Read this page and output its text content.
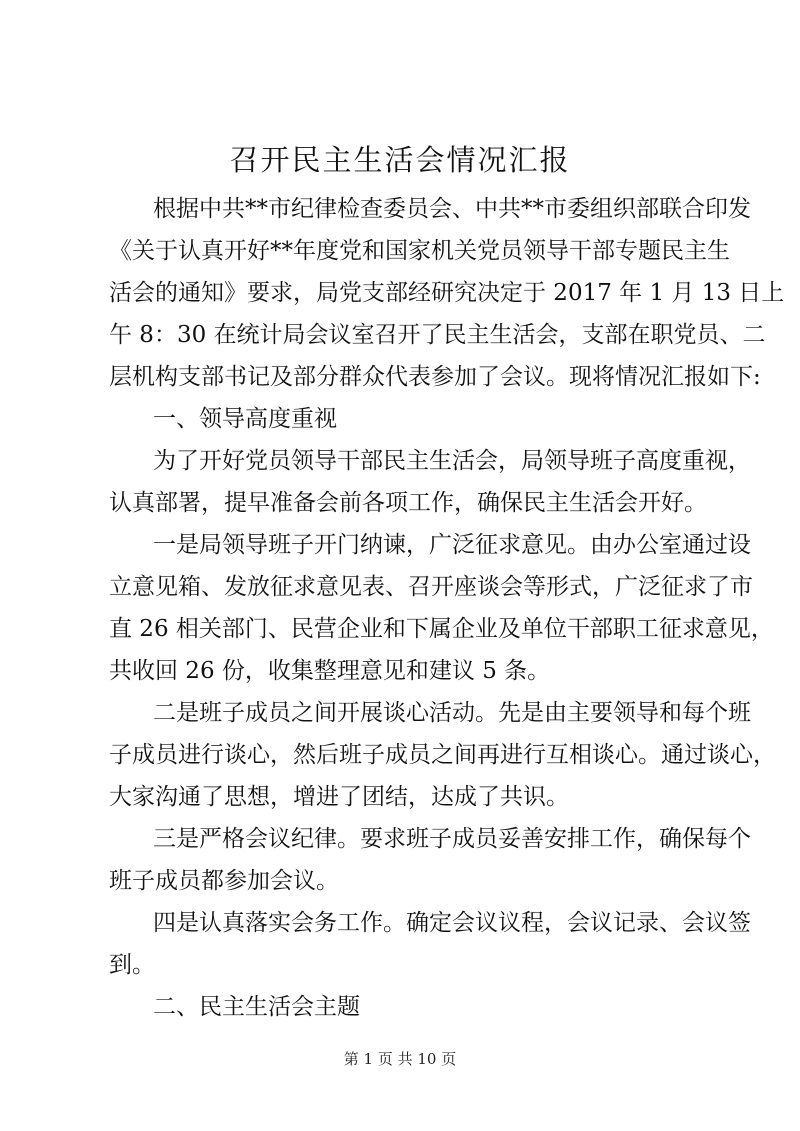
召开民主生活会情况汇报

根据中共**市纪律检查委员会、中共**市委组织部联合印发

《关于认真开好**年度党和国家机关党员领导干部专题民主生

活会的通知》要求，局党支部经研究决定于 2017 年 1 月 13 日上

午 8：30 在统计局会议室召开了民主生活会，支部在职党员、二

层机构支部书记及部分群众代表参加了会议。现将情况汇报如下:

一、领导高度重视

为了开好党员领导干部民主生活会，局领导班子高度重视，

认真部署，提早准备会前各项工作，确保民主生活会开好。

一是局领导班子开门纳谏，广泛征求意见。由办公室通过设

立意见箱、发放征求意见表、召开座谈会等形式，广泛征求了市

直 26 相关部门、民营企业和下属企业及单位干部职工征求意见，

共收回 26 份，收集整理意见和建议 5 条。

二是班子成员之间开展谈心活动。先是由主要领导和每个班

子成员进行谈心，然后班子成员之间再进行互相谈心。通过谈心，

大家沟通了思想，增进了团结，达成了共识。

三是严格会议纪律。要求班子成员妥善安排工作，确保每个

班子成员都参加会议。

四是认真落实会务工作。确定会议议程，会议记录、会议签

到。

二、民主生活会主题

第 1 页 共 10 页
